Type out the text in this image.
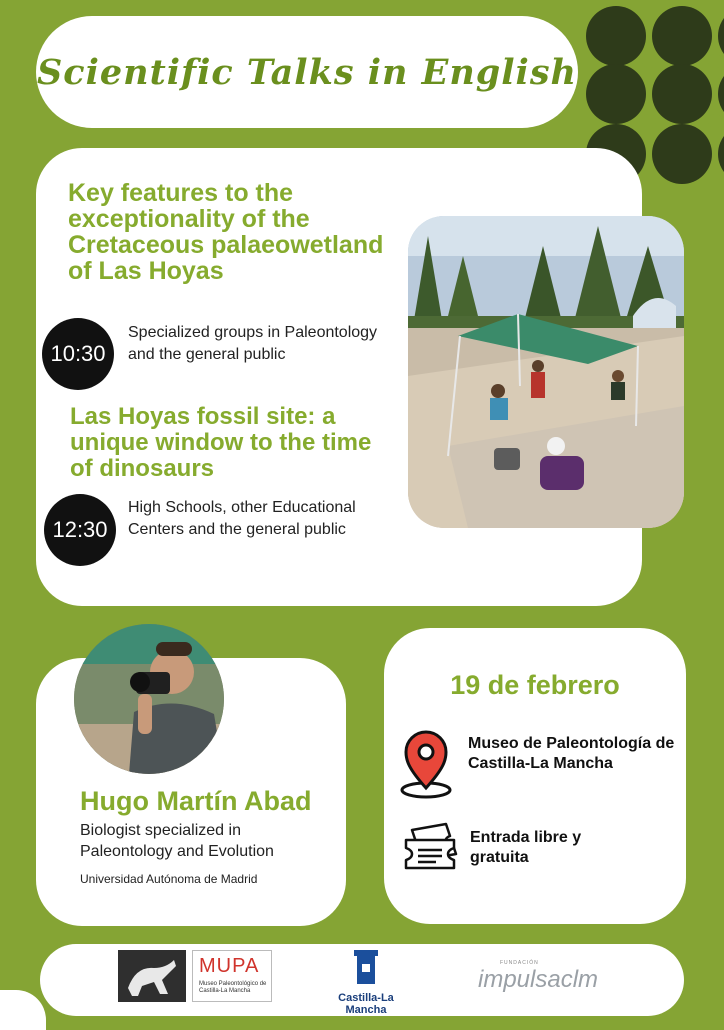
Scientific Talks in English
Key features to the exceptionality of the Cretaceous palaeowetland of Las Hoyas
10:30
Specialized groups in Paleontology and the general public
Las Hoyas fossil site: a unique window to the time of dinosaurs
12:30
High Schools, other Educational Centers and the general public
Hugo Martín Abad
Biologist specialized in Paleontology and Evolution
Universidad Autónoma de Madrid
19 de febrero
Museo de Paleontología de Castilla-La Mancha
Entrada libre y gratuita
MUPA
Museo Paleontológico de Castilla-La Mancha
Castilla-La Mancha
FUNDACIÓN
impulsaclm
